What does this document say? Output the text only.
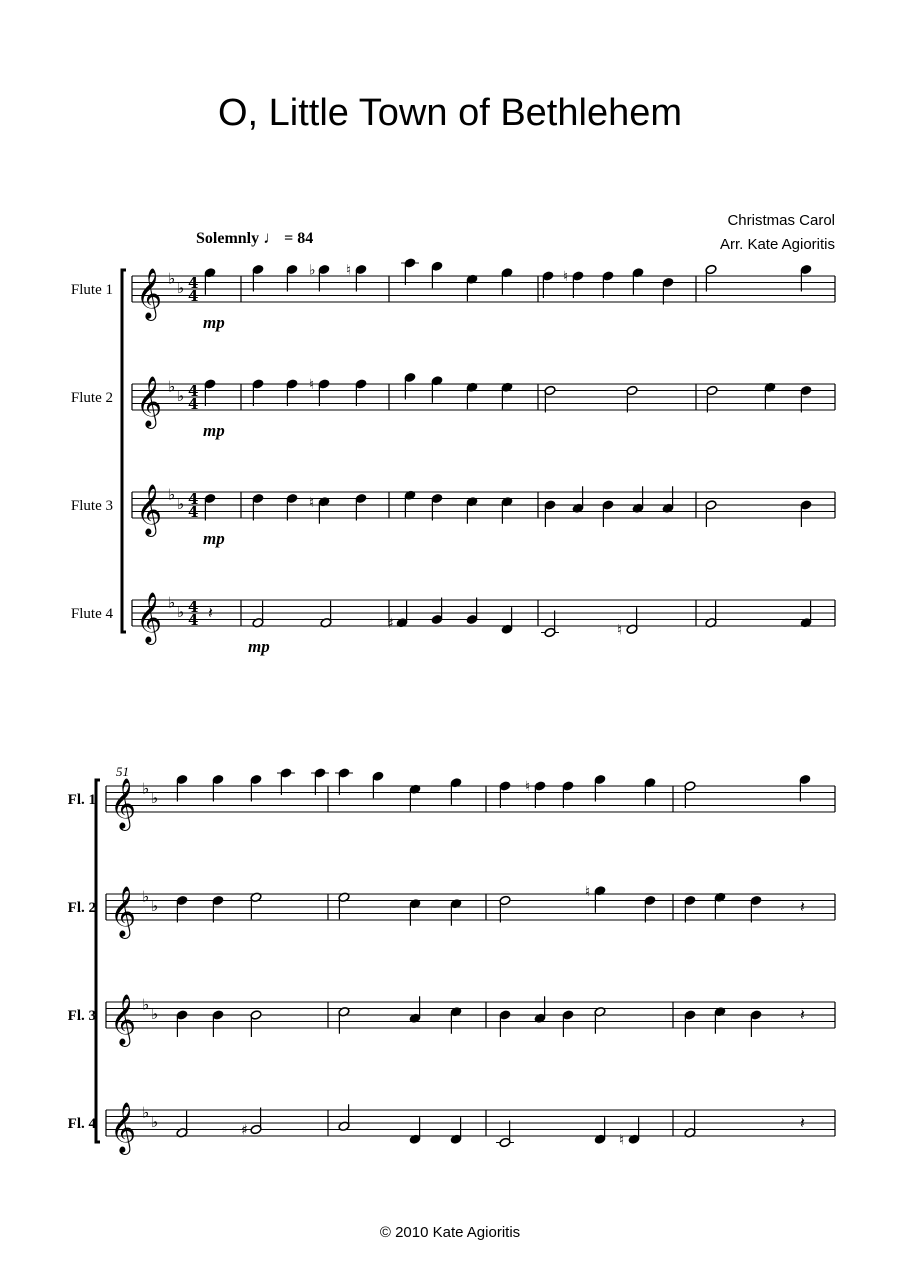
O, Little Town of Bethlehem
Christmas Carol
Arr. Kate Agioritis
Solemnly ♩ = 84
𝄞 ♭
♭ 4
4
Flute 1
mp
♭ ♮	♮
𝄞 ♭
♭ 4
4
Flute 2
mp
♮
𝄞 ♭
♭ 4
4
Flute 3
mp
♮
𝄞 ♭
♭ 4
4
Flute 4
mp
♯	♮
𝄽
51
𝄞 ♭
♭
Fl. 1
♮
𝄞 ♭
♭
Fl. 2
♮
𝄽
𝄞 ♭
♭
Fl. 3	𝄽
𝄞 ♭
♭
Fl. 4	♯
♮
𝄽
© 2010 Kate Agioritis
